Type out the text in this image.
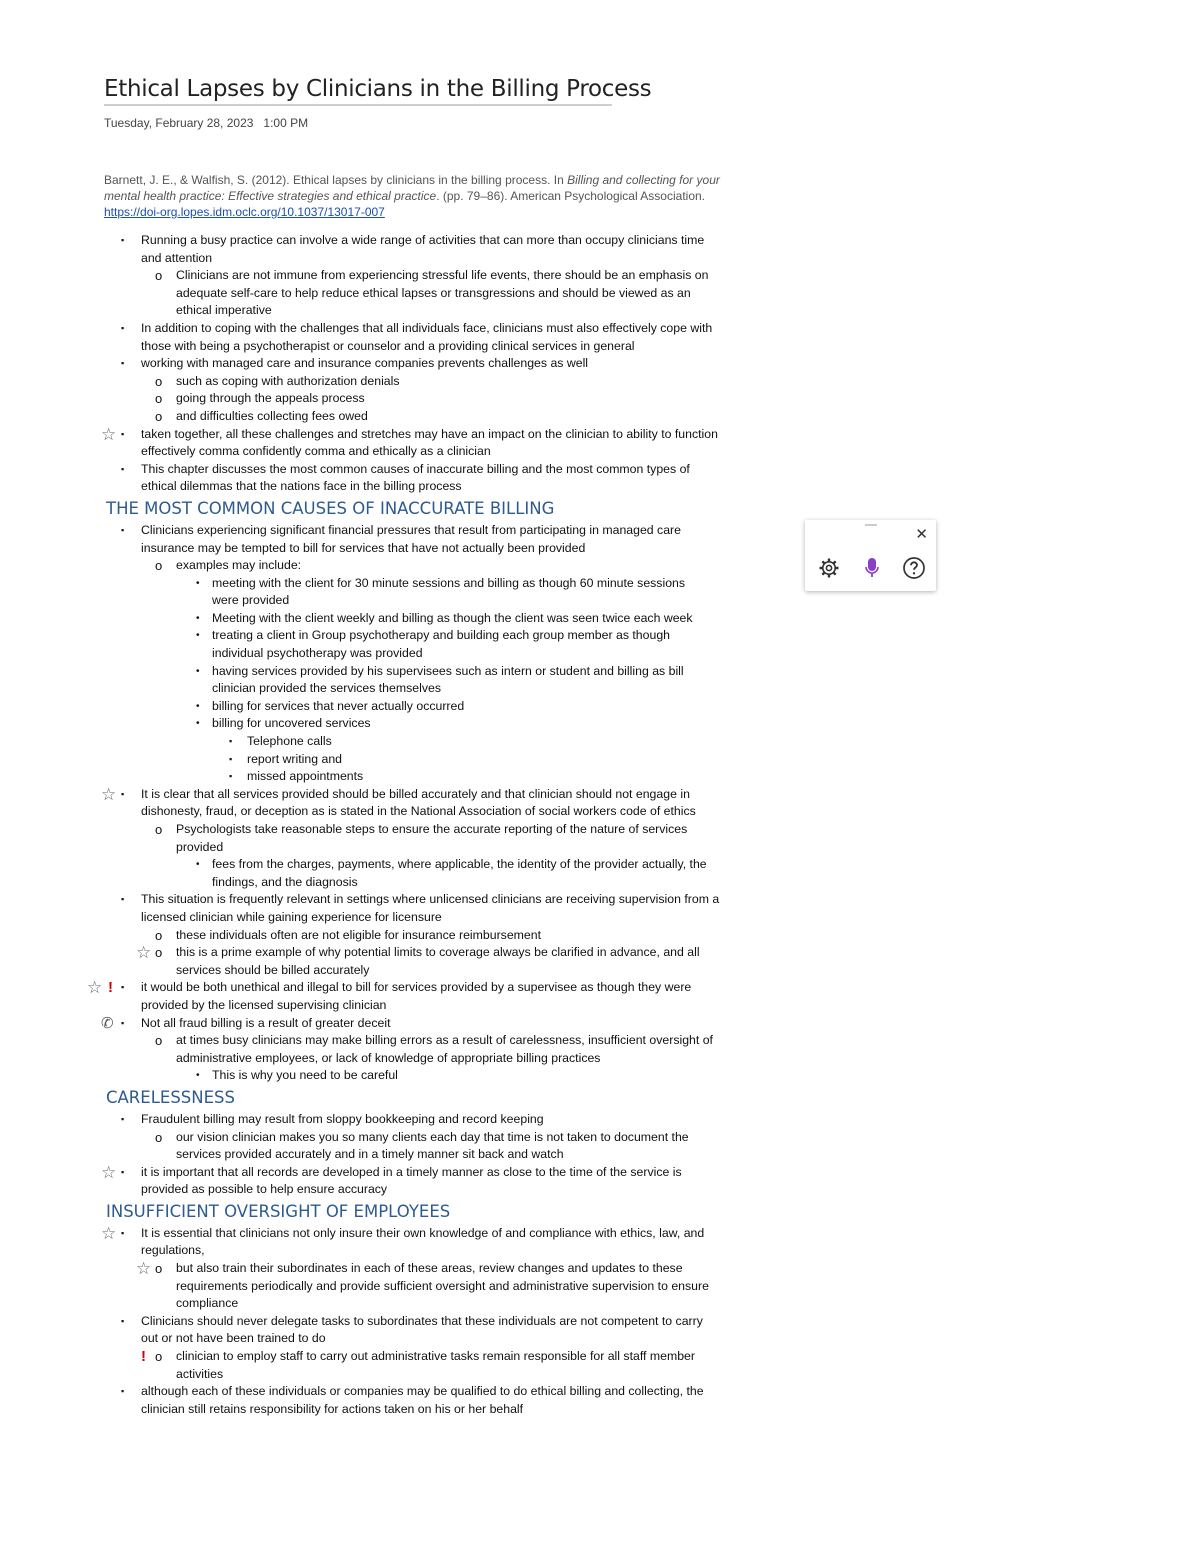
Ethical Lapses by Clinicians in the Billing Process
Tuesday, February 28, 2023 1:00 PM
Barnett, J. E., & Walfish, S. (2012). Ethical lapses by clinicians in the billing process. In Billing and collecting for your mental health practice: Effective strategies and ethical practice. (pp. 79–86). American Psychological Association. https://doi-org.lopes.idm.oclc.org/10.1037/13017-007
▪ Running a busy practice can involve a wide range of activities that can more than occupy clinicians time and attention
o Clinicians are not immune from experiencing stressful life events, there should be an emphasis on adequate self-care to help reduce ethical lapses or transgressions and should be viewed as an ethical imperative
▪ In addition to coping with the challenges that all individuals face, clinicians must also effectively cope with those with being a psychotherapist or counselor and a providing clinical services in general
▪ working with managed care and insurance companies prevents challenges as well
o such as coping with authorization denials
o going through the appeals process
o and difficulties collecting fees owed
☆ ▪ taken together, all these challenges and stretches may have an impact on the clinician to ability to function effectively comma confidently comma and ethically as a clinician
▪ This chapter discusses the most common causes of inaccurate billing and the most common types of ethical dilemmas that the nations face in the billing process
THE MOST COMMON CAUSES OF INACCURATE BILLING
▪ Clinicians experiencing significant financial pressures that result from participating in managed care insurance may be tempted to bill for services that have not actually been provided
o examples may include:
• meeting with the client for 30 minute sessions and billing as though 60 minute sessions were provided
• Meeting with the client weekly and billing as though the client was seen twice each week
• treating a client in Group psychotherapy and building each group member as though individual psychotherapy was provided
• having services provided by his supervisees such as intern or student and billing as bill clinician provided the services themselves
• billing for services that never actually occurred
• billing for uncovered services
▪ Telephone calls
▪ report writing and
▪ missed appointments
☆ ▪ It is clear that all services provided should be billed accurately and that clinician should not engage in dishonesty, fraud, or deception as is stated in the National Association of social workers code of ethics
o Psychologists take reasonable steps to ensure the accurate reporting of the nature of services provided
• fees from the charges, payments, where applicable, the identity of the provider actually, the findings, and the diagnosis
▪ This situation is frequently relevant in settings where unlicensed clinicians are receiving supervision from a licensed clinician while gaining experience for licensure
o these individuals often are not eligible for insurance reimbursement
☆ o this is a prime example of why potential limits to coverage always be clarified in advance, and all services should be billed accurately
☆ ! ▪ it would be both unethical and illegal to bill for services provided by a supervisee as though they were provided by the licensed supervising clinician
✆ ▪ Not all fraud billing is a result of greater deceit
o at times busy clinicians may make billing errors as a result of carelessness, insufficient oversight of administrative employees, or lack of knowledge of appropriate billing practices
• This is why you need to be careful
CARELESSNESS
▪ Fraudulent billing may result from sloppy bookkeeping and record keeping
o our vision clinician makes you so many clients each day that time is not taken to document the services provided accurately and in a timely manner sit back and watch
☆ ▪ it is important that all records are developed in a timely manner as close to the time of the service is provided as possible to help ensure accuracy
INSUFFICIENT OVERSIGHT OF EMPLOYEES
☆ ▪ It is essential that clinicians not only insure their own knowledge of and compliance with ethics, law, and regulations,
☆ o but also train their subordinates in each of these areas, review changes and updates to these requirements periodically and provide sufficient oversight and administrative supervision to ensure compliance
▪ Clinicians should never delegate tasks to subordinates that these individuals are not competent to carry out or not have been trained to do
! o clinician to employ staff to carry out administrative tasks remain responsible for all staff member activities
▪ although each of these individuals or companies may be qualified to do ethical billing and collecting, the clinician still retains responsibility for actions taken on his or her behalf
✕
